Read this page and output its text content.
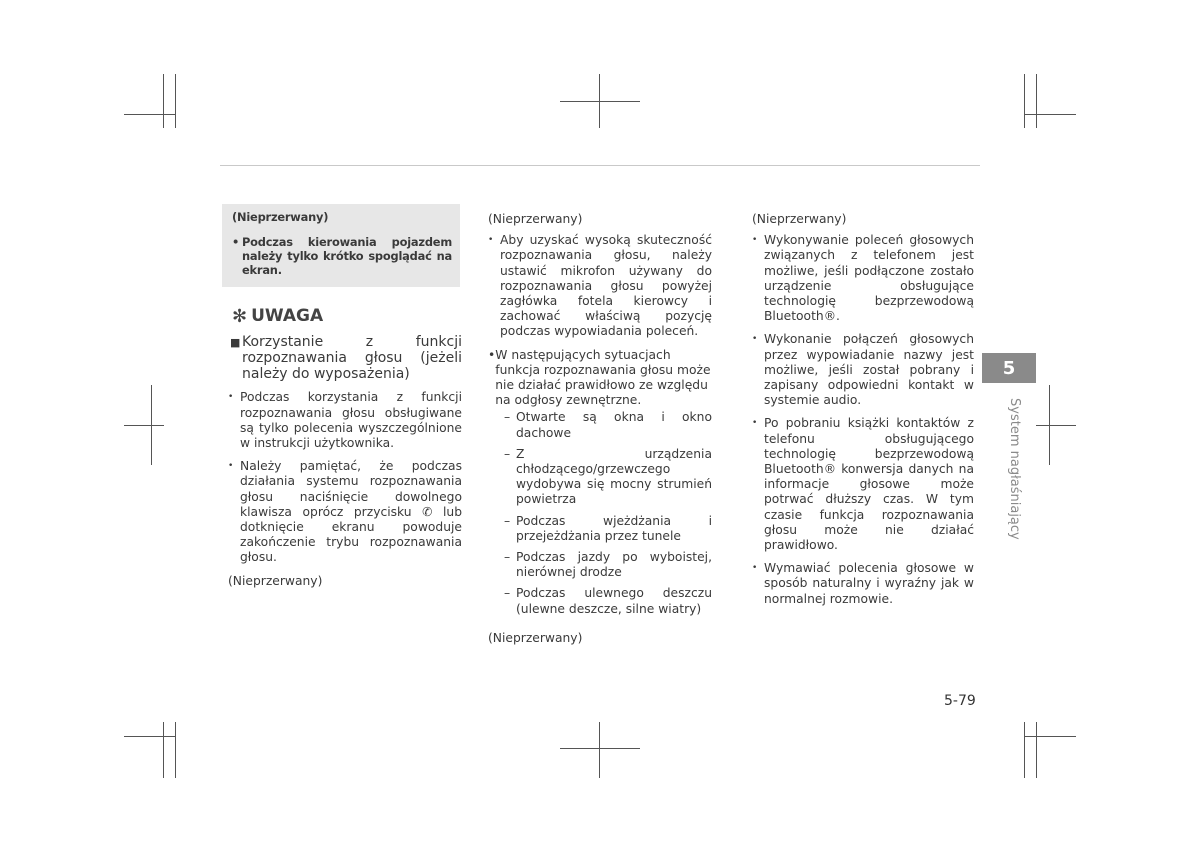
(Nieprzerwany)
• Podczas kierowania pojazdem należy tylko krótko spoglądać na ekran.
✻ UWAGA
■ Korzystanie z funkcji rozpoznawania głosu (jeżeli należy do wyposażenia)
• Podczas korzystania z funkcji rozpoznawania głosu obsługiwane są tylko polecenia wyszczególnione w instrukcji użytkownika.
• Należy pamiętać, że podczas działania systemu rozpoznawania głosu naciśnięcie dowolnego klawisza oprócz przycisku ✆ lub dotknięcie ekranu powoduje zakończenie trybu rozpoznawania głosu.
(Nieprzerwany)
(Nieprzerwany)
• Aby uzyskać wysoką skuteczność rozpoznawania głosu, należy ustawić mikrofon używany do rozpoznawania głosu powyżej zagłówka fotela kierowcy i zachować właściwą pozycję podczas wypowiadania poleceń.
• W następujących sytuacjach funkcja rozpoznawania głosu może nie działać prawidłowo ze względu na odgłosy zewnętrzne.
– Otwarte są okna i okno dachowe
– Z urządzenia chłodzącego/grzewczego wydobywa się mocny strumień powietrza
– Podczas wjeżdżania i przejeżdżania przez tunele
– Podczas jazdy po wyboistej, nierównej drodze
– Podczas ulewnego deszczu (ulewne deszcze, silne wiatry)
(Nieprzerwany)
(Nieprzerwany)
• Wykonywanie poleceń głosowych związanych z telefonem jest możliwe, jeśli podłączone zostało urządzenie obsługujące technologię bezprzewodową Bluetooth®.
• Wykonanie połączeń głosowych przez wypowiadanie nazwy jest możliwe, jeśli został pobrany i zapisany odpowiedni kontakt w systemie audio.
• Po pobraniu książki kontaktów z telefonu obsługującego technologię bezprzewodową Bluetooth® konwersja danych na informacje głosowe może potrwać dłuższy czas. W tym czasie funkcja rozpoznawania głosu może nie działać prawidłowo.
• Wymawiać polecenia głosowe w sposób naturalny i wyraźny jak w normalnej rozmowie.
5
System nagłaśniający
5-79
